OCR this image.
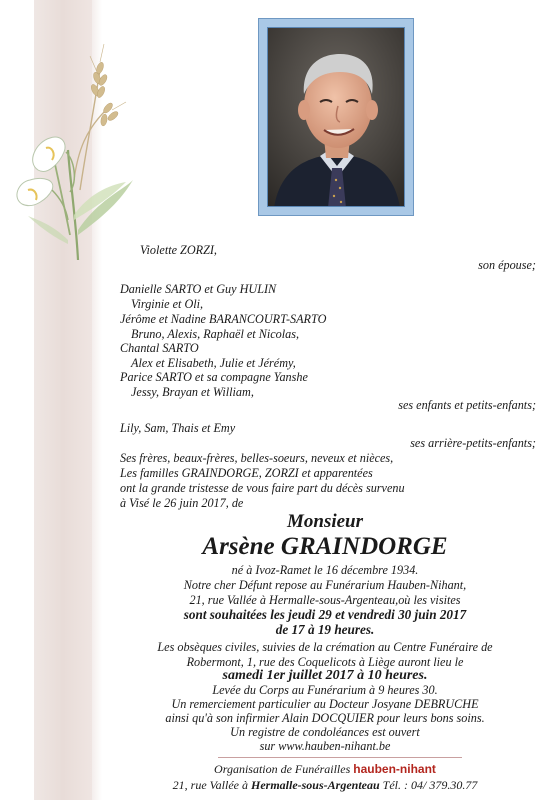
Violette ZORZI,
son épouse;
Danielle SARTO et Guy HULIN
Virginie et Oli,
Jérôme et Nadine BARANCOURT-SARTO
Bruno, Alexis, Raphaël et Nicolas,
Chantal SARTO
Alex et Elisabeth, Julie et Jérémy,
Parice SARTO et sa compagne Yanshe
Jessy, Brayan et William,
ses enfants et petits-enfants;
Lily, Sam, Thais et Emy
ses arrière-petits-enfants;
Ses frères, beaux-frères, belles-soeurs, neveux et nièces,
Les familles GRAINDORGE, ZORZI et apparentées
ont la grande tristesse de vous faire part du décès survenu
à Visé le 26 juin 2017, de
Monsieur
Arsène GRAINDORGE
né à Ivoz-Ramet le 16 décembre 1934.
Notre cher Défunt repose au Funérarium Hauben-Nihant,
21, rue Vallée à Hermalle-sous-Argenteau,où les visites
sont souhaitées les jeudi 29 et vendredi 30 juin 2017
de 17 à 19 heures.
Les obsèques civiles, suivies de la crémation au Centre Funéraire de
Robermont, 1, rue des Coquelicots à Liège auront lieu le
samedi 1er juillet 2017 à 10 heures.
Levée du Corps au Funérarium à 9 heures 30.
Un remerciement particulier au Docteur Josyane DEBRUCHE
ainsi qu'à son infirmier Alain DOCQUIER pour leurs bons soins.
Organisation de Funérailles hauben-nihant
21, rue Vallée à Hermalle-sous-Argenteau Tél. : 04/ 379.30.77
Un registre de condoléances est ouvert
sur www.hauben-nihant.be
